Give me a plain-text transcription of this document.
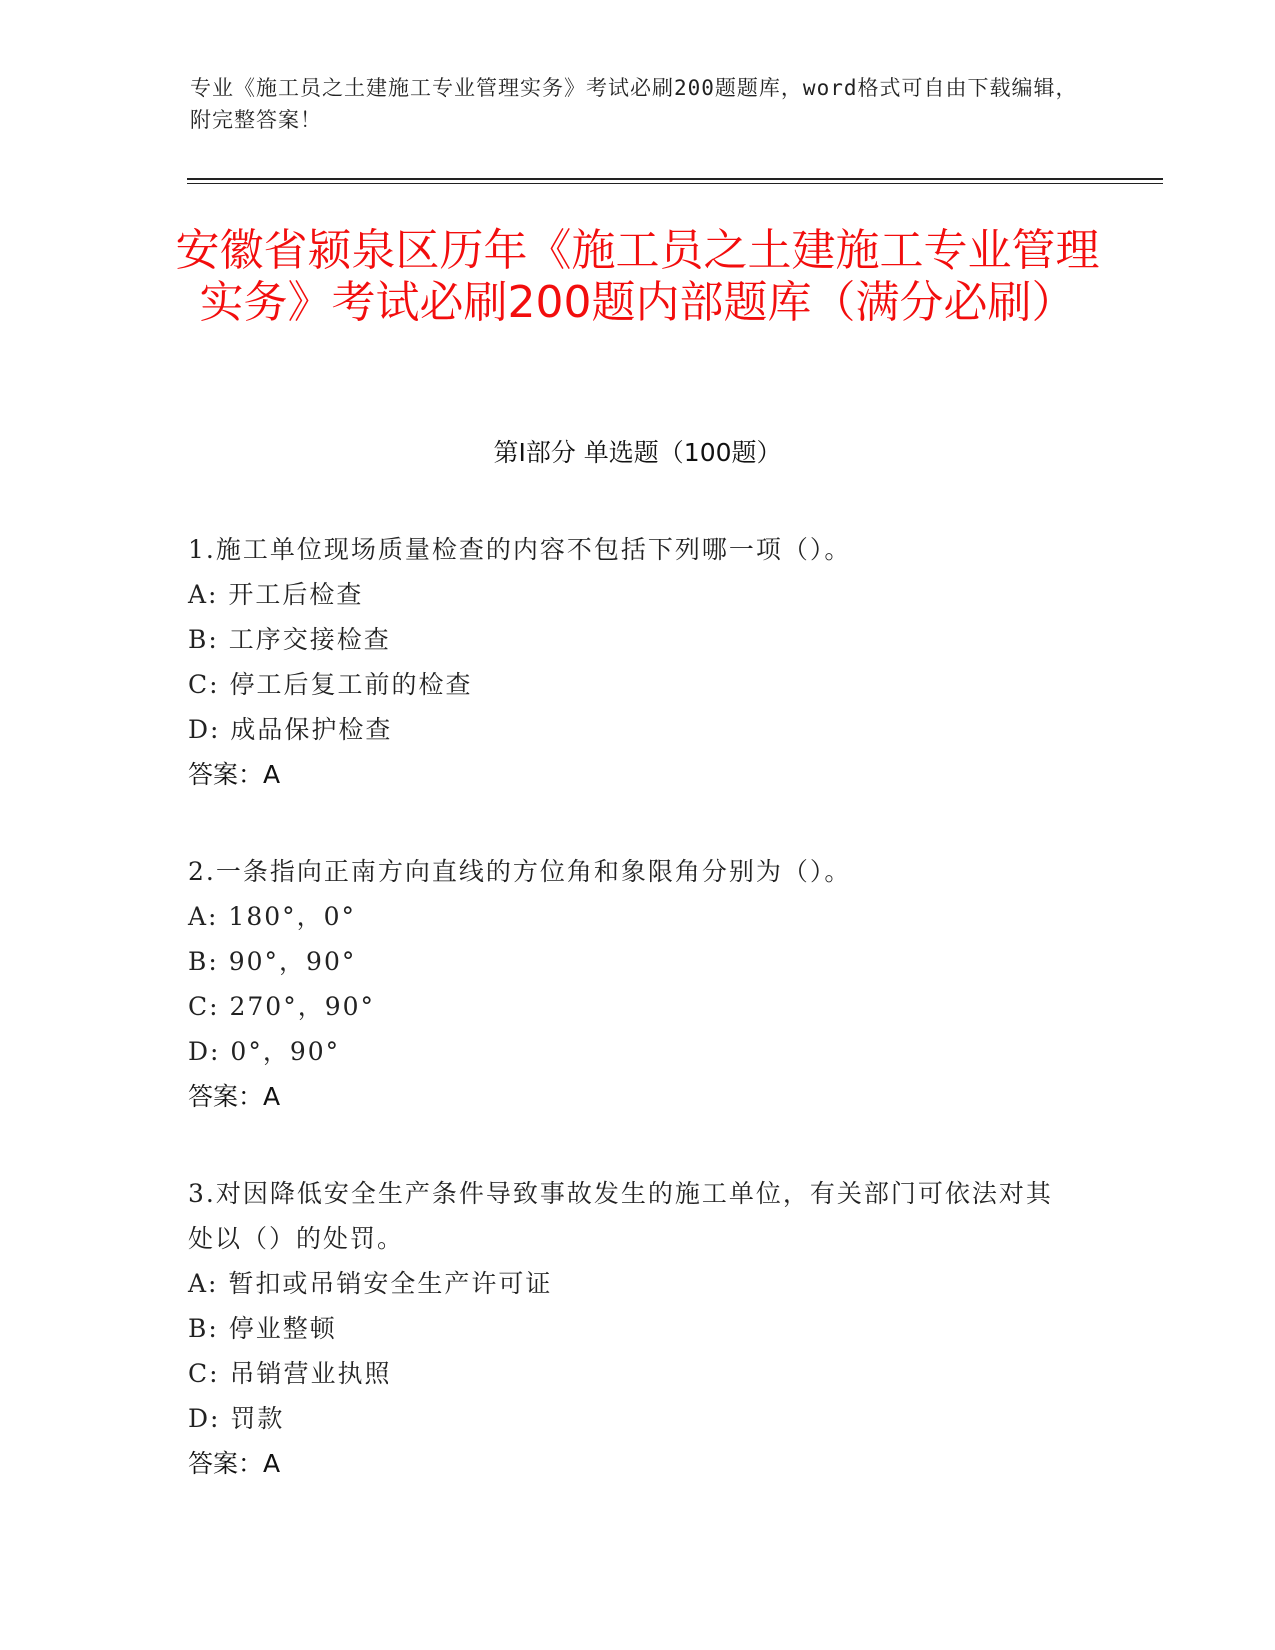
专业《施工员之土建施工专业管理实务》考试必刷200题题库，word格式可自由下载编辑，附完整答案！
安徽省颍泉区历年《施工员之土建施工专业管理实务》考试必刷200题内部题库（满分必刷）
第Ⅰ部分 单选题（100题）

1.施工单位现场质量检查的内容不包括下列哪一项（）。

A: 开工后检查

B: 工序交接检查

C: 停工后复工前的检查

D: 成品保护检查

答案：A

2.一条指向正南方向直线的方位角和象限角分别为（）。

A: 180°，0°

B: 90°，90°

C: 270°，90°

D: 0°，90°

答案：A

3.对因降低安全生产条件导致事故发生的施工单位，有关部门可依法对其处以（）的处罚。

A: 暂扣或吊销安全生产许可证

B: 停业整顿

C: 吊销营业执照

D: 罚款

答案：A
